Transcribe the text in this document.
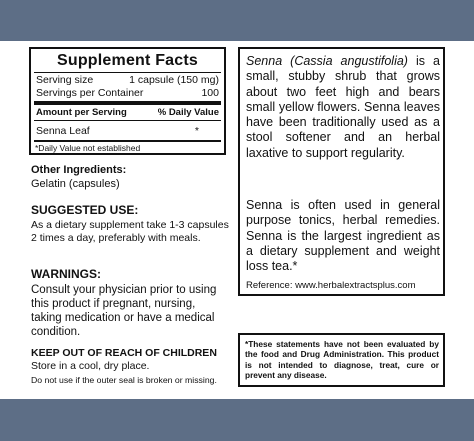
Supplement Facts
Serving size	1 capsule (150 mg)
Servings per Container	100
Amount per Serving	% Daily Value
Senna Leaf	*
*Daily Value not established
Other Ingredients:
Gelatin (capsules)
SUGGESTED USE:
As a dietary supplement take 1-3 capsules
2 times a day, preferably with meals.
WARNINGS:
Consult your physician prior to using
this product if pregnant, nursing,
taking medication or have a medical
condition.
KEEP OUT OF REACH OF CHILDREN
Store in a cool, dry place.
Do not use if the outer seal is broken or missing.
Senna (Cassia angustifolia) is a small, stubby shrub that grows about two feet high and bears small yellow flowers. Senna leaves have been traditionally used as a stool softener and an herbal laxative to support regularity.
Senna is often used in general purpose tonics, herbal remedies. Senna is the largest ingredient as a dietary supplement and weight loss tea.*
Reference: www.herbalextractsplus.com
*These statements have not been evaluated by the food and Drug Administration. This product is not intended to diagnose, treat, cure or prevent any disease.
